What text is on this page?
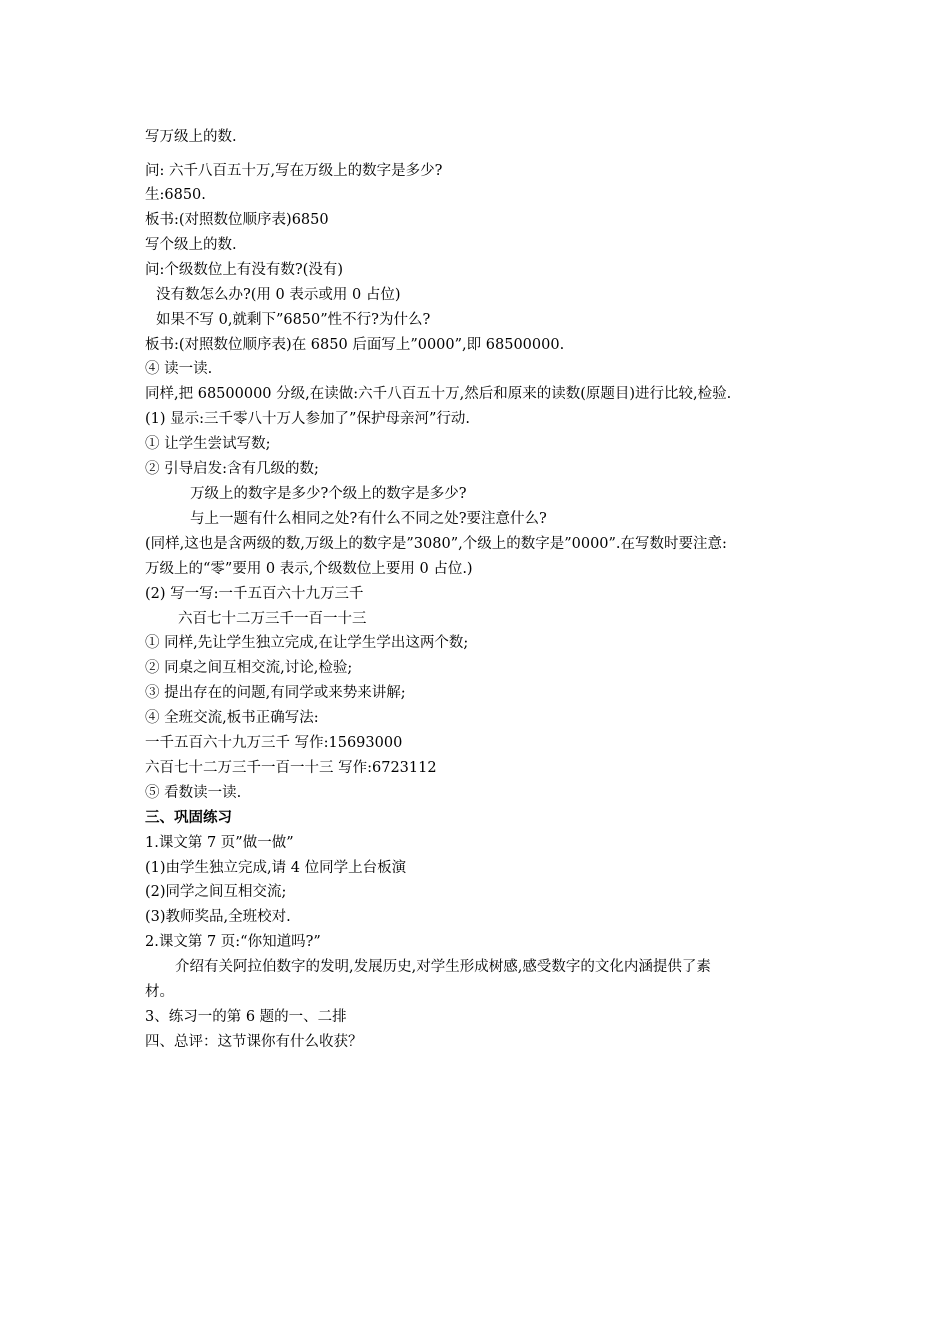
写万级上的数.
问: 六千八百五十万,写在万级上的数字是多少?
生:6850.
板书:(对照数位顺序表)6850
写个级上的数.
问:个级数位上有没有数?(没有)
没有数怎么办?(用 0 表示或用 0 占位)
如果不写 0,就剩下”6850”性不行?为什么?
板书:(对照数位顺序表)在 6850 后面写上”0000”,即 68500000.
④ 读一读.
同样,把 68500000 分级,在读做:六千八百五十万,然后和原来的读数(原题目)进行比较,检验.
(1) 显示:三千零八十万人参加了”保护母亲河”行动.
① 让学生尝试写数;
② 引导启发:含有几级的数;
万级上的数字是多少?个级上的数字是多少?
与上一题有什么相同之处?有什么不同之处?要注意什么?
(同样,这也是含两级的数,万级上的数字是”3080”,个级上的数字是”0000”.在写数时要注意:
万级上的“零”要用 0 表示,个级数位上要用 0 占位.)
(2) 写一写:一千五百六十九万三千
六百七十二万三千一百一十三
① 同样,先让学生独立完成,在让学生学出这两个数;
② 同桌之间互相交流,讨论,检验;
③ 提出存在的问题,有同学或来势来讲解;
④ 全班交流,板书正确写法:
一千五百六十九万三千 写作:15693000
六百七十二万三千一百一十三 写作:6723112
⑤ 看数读一读.
三、巩固练习
1.课文第 7 页”做一做”
(1)由学生独立完成,请 4 位同学上台板演
(2)同学之间互相交流;
(3)教师奖品,全班校对.
2.课文第 7 页:“你知道吗?”
介绍有关阿拉伯数字的发明,发展历史,对学生形成树感,感受数字的文化内涵提供了素
材。
3、练习一的第 6 题的一、二排
四、总评：这节课你有什么收获？
